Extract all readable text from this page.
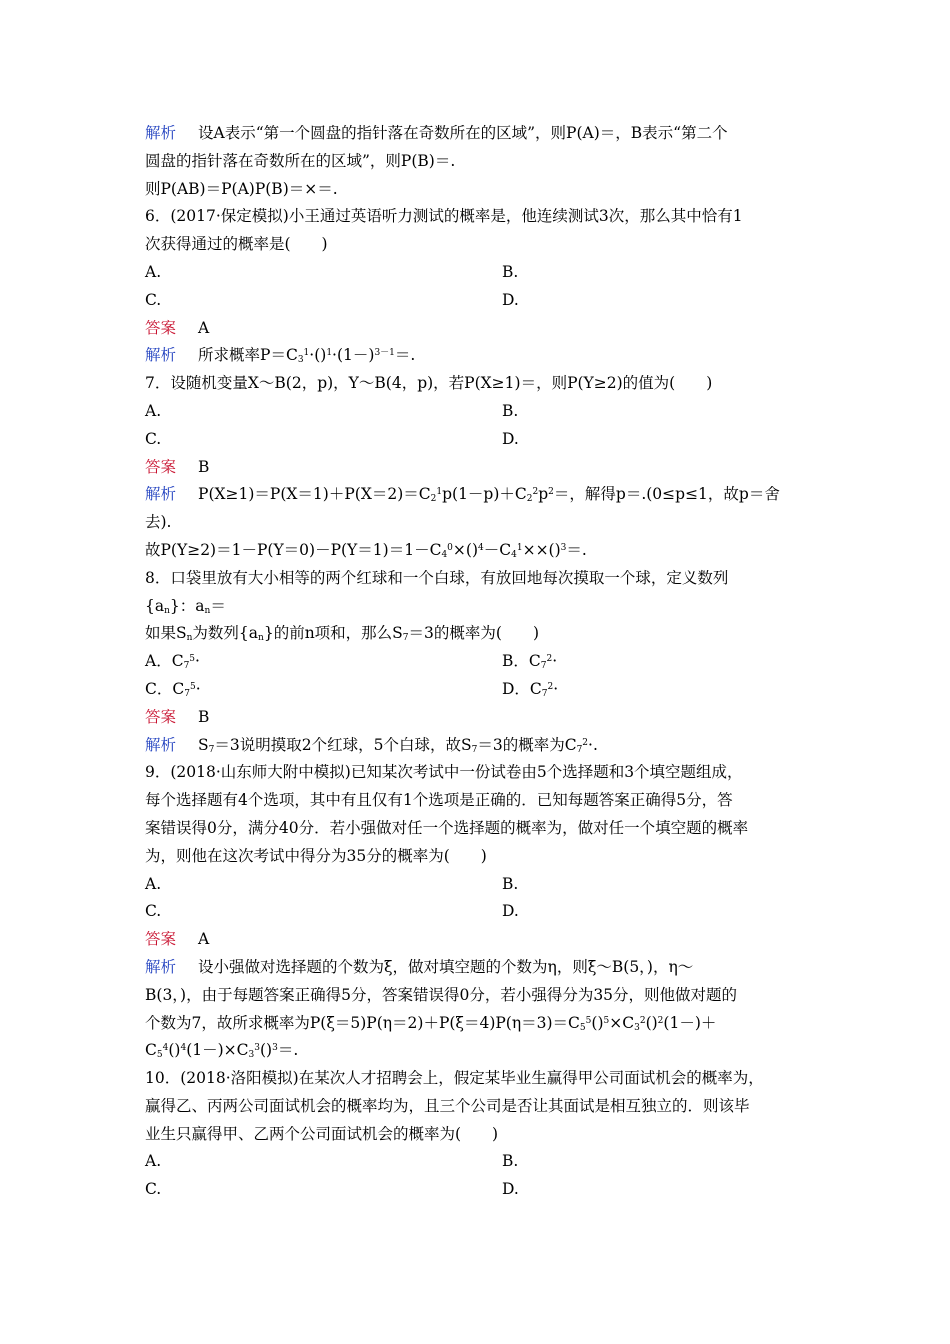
解析 设A表示“第一个圆盘的指针落在奇数所在的区域”，则P(A)＝，B表示“第二个
圆盘的指针落在奇数所在的区域”，则P(B)＝.
则P(AB)＝P(A)P(B)＝×＝.
6．(2017·保定模拟)小王通过英语听力测试的概率是，他连续测试3次，那么其中恰有1
次获得通过的概率是(　　)
A.	B.
C.	D.
答案 A
解析 所求概率$P=C_3^1\cdot()^1\cdot(1-)^{3-1}=$.
7．设随机变量X～B(2，p)，Y～B(4，p)，若P(X≥1)＝，则P(Y≥2)的值为(　　)
A.	B.
C.	D.
答案 B
解析 $P(X\ge 1)=P(X=1)+P(X=2)=C_2^1p(1-p)+C_2^2p^2=$，解得p＝.(0≤p≤1，故p＝舍
去).
故$P(Y\ge 2)=1-P(Y=0)-P(Y=1)=1-C_4^0\times()^4-C_4^1\times\times()^3=$.
8．口袋里放有大小相等的两个红球和一个白球，有放回地每次摸取一个球，定义数列
$\{a_n\}$：$a_n=$
如果$S_n$为数列$\{a_n\}$的前n项和，那么$S_7=3$的概率为(　　)
A．$C_7^5\cdot$	B．$C_7^2\cdot$
C．$C_7^5\cdot$	D．$C_7^2\cdot$
答案 B
解析 $S_7=3$说明摸取2个红球，5个白球，故$S_7=3$的概率为$C_7^2\cdot$.
9．(2018·山东师大附中模拟)已知某次考试中一份试卷由5个选择题和3个填空题组成，
每个选择题有4个选项，其中有且仅有1个选项是正确的．已知每题答案正确得5分，答
案错误得0分，满分40分．若小强做对任一个选择题的概率为，做对任一个填空题的概率
为，则他在这次考试中得分为35分的概率为(　　)
A.	B.
C.	D.
答案 A
解析 设小强做对选择题的个数为ξ，做对填空题的个数为η，则ξ～B(5，)，η～
B(3，)，由于每题答案正确得5分，答案错误得0分，若小强得分为35分，则他做对题的
个数为7，故所求概率为$P(\xi=5)P(\eta=2)+P(\xi=4)P(\eta=3)=C_5^5()^5\times C_3^2()^2(1-)+$
$C_5^4()^4(1-)\times C_3^3()^3=$.
10．(2018·洛阳模拟)在某次人才招聘会上，假定某毕业生赢得甲公司面试机会的概率为，
赢得乙、丙两公司面试机会的概率均为，且三个公司是否让其面试是相互独立的．则该毕
业生只赢得甲、乙两个公司面试机会的概率为(　　)
A.	B.
C.	D.
